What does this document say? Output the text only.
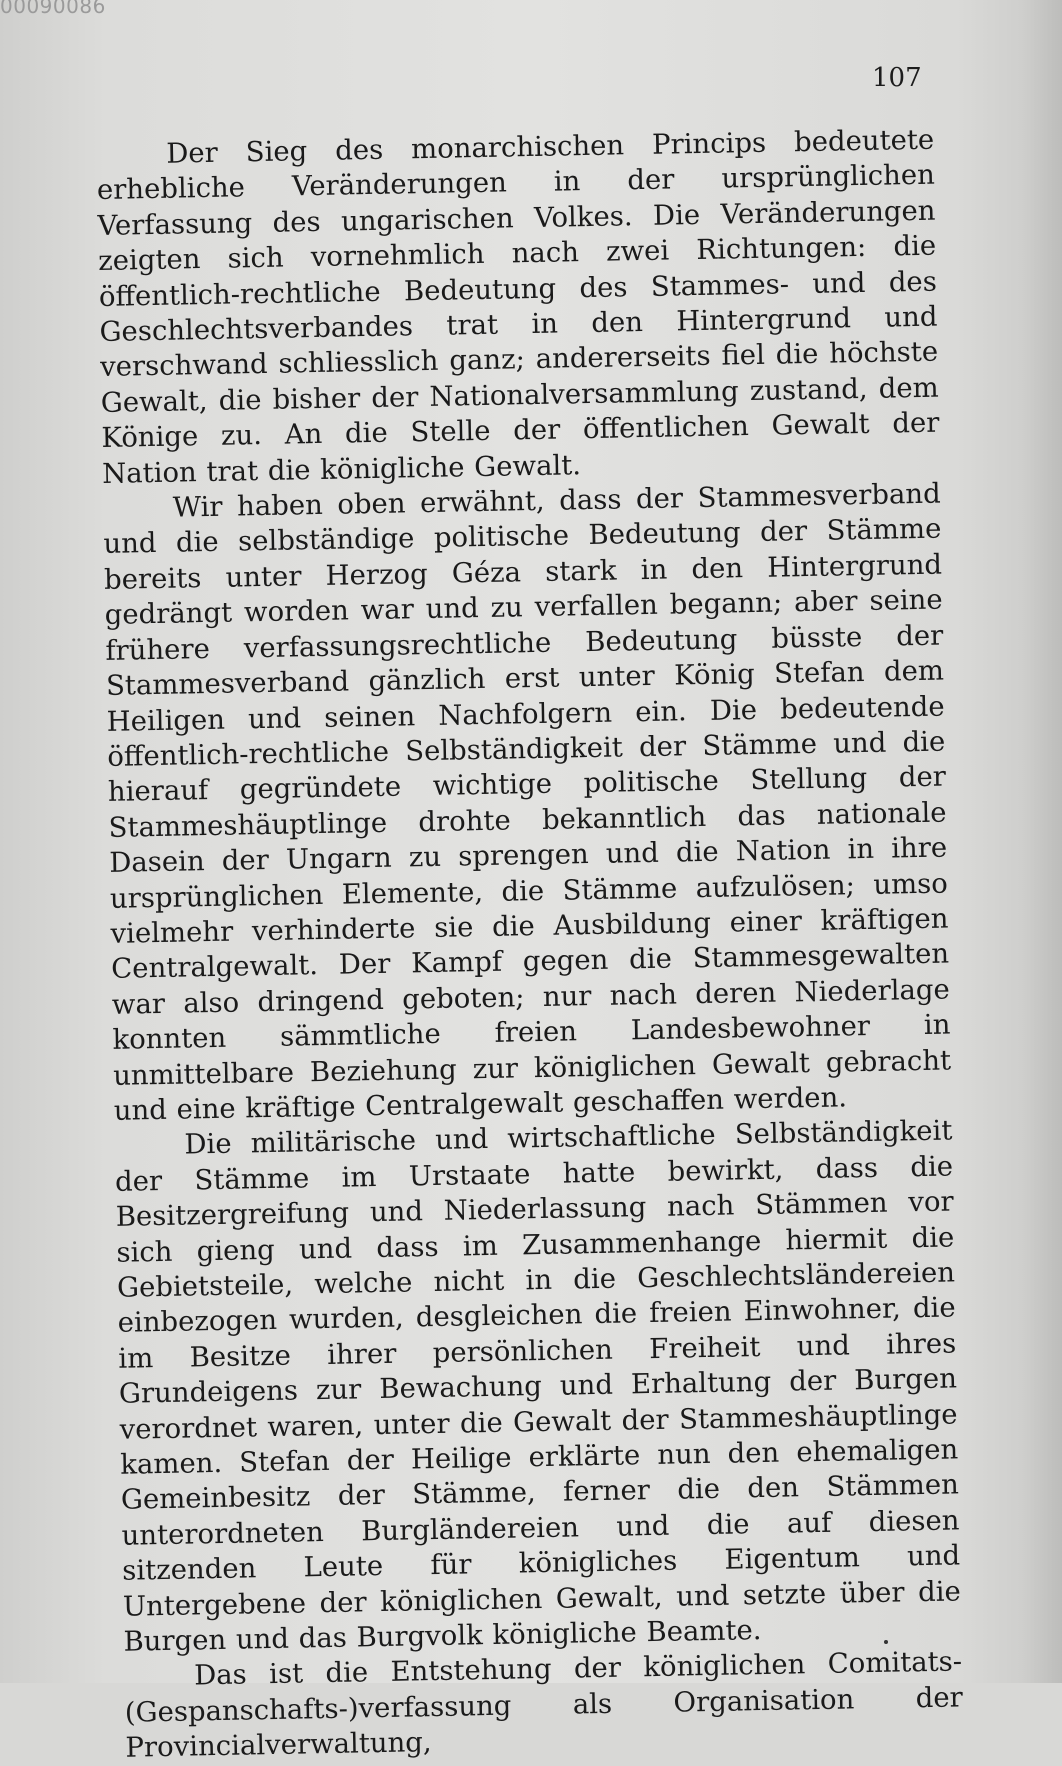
00090086
107

Der Sieg des monarchischen Princips bedeutete erhebliche Veränderungen in der ursprünglichen Verfassung des ungarischen Volkes. Die Veränderungen zeigten sich vornehmlich nach zwei Richtungen: die öffentlich-rechtliche Bedeutung des Stammes- und des Geschlechtsverbandes trat in den Hintergrund und verschwand schliesslich ganz; andererseits fiel die höchste Gewalt, die bisher der Nationalversammlung zustand, dem Könige zu. An die Stelle der öffentlichen Gewalt der Nation trat die königliche Gewalt.

Wir haben oben erwähnt, dass der Stammesverband und die selbständige politische Bedeutung der Stämme bereits unter Herzog Géza stark in den Hintergrund gedrängt worden war und zu verfallen begann; aber seine frühere verfassungsrechtliche Bedeutung büsste der Stammesverband gänzlich erst unter König Stefan dem Heiligen und seinen Nachfolgern ein. Die bedeutende öffentlich-rechtliche Selbständigkeit der Stämme und die hierauf gegründete wichtige politische Stellung der Stammeshäuptlinge drohte bekanntlich das nationale Dasein der Ungarn zu sprengen und die Nation in ihre ursprünglichen Elemente, die Stämme aufzulösen; umso vielmehr verhinderte sie die Ausbildung einer kräftigen Centralgewalt. Der Kampf gegen die Stammesgewalten war also dringend geboten; nur nach deren Niederlage konnten sämmtliche freien Landesbewohner in unmittelbare Beziehung zur königlichen Gewalt gebracht und eine kräftige Centralgewalt geschaffen werden.

Die militärische und wirtschaftliche Selbständigkeit der Stämme im Urstaate hatte bewirkt, dass die Besitzergreifung und Niederlassung nach Stämmen vor sich gieng und dass im Zusammenhange hiermit die Gebietsteile, welche nicht in die Geschlechtsländereien einbezogen wurden, desgleichen die freien Einwohner, die im Besitze ihrer persönlichen Freiheit und ihres Grundeigens zur Bewachung und Erhaltung der Burgen verordnet waren, unter die Gewalt der Stammeshäuptlinge kamen. Stefan der Heilige erklärte nun den ehemaligen Gemeinbesitz der Stämme, ferner die den Stämmen unterordneten Burgländereien und die auf diesen sitzenden Leute für königliches Eigentum und Untergebene der königlichen Gewalt, und setzte über die Burgen und das Burgvolk königliche Beamte.

Das ist die Entstehung der königlichen Comitats-(Gespanschafts-)verfassung als Organisation der Provincialverwaltung,
